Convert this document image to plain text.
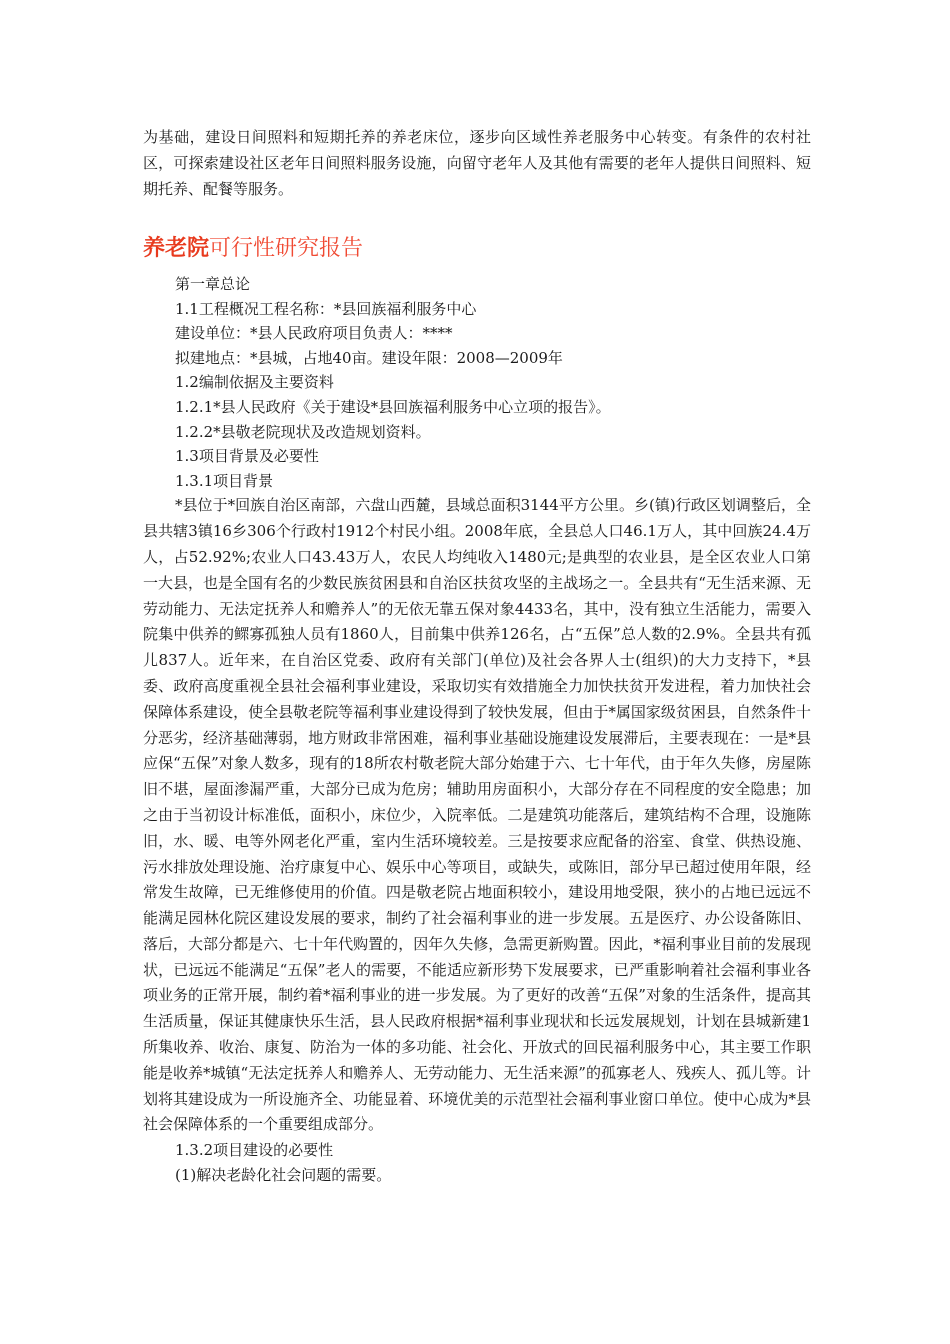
为基础，建设日间照料和短期托养的养老床位，逐步向区域性养老服务中心转变。有条件的农村社区，可探索建设社区老年日间照料服务设施，向留守老年人及其他有需要的老年人提供日间照料、短期托养、配餐等服务。
养老院可行性研究报告
第一章总论
1.1工程概况工程名称：*县回族福利服务中心
建设单位：*县人民政府项目负责人：****
拟建地点：*县城，占地40亩。建设年限：2008—2009年
1.2编制依据及主要资料
1.2.1*县人民政府《关于建设*县回族福利服务中心立项的报告》。
1.2.2*县敬老院现状及改造规划资料。
1.3项目背景及必要性
1.3.1项目背景

*县位于*回族自治区南部，六盘山西麓，县域总面积3144平方公里。乡(镇)行政区划调整后，全县共辖3镇16乡306个行政村1912个村民小组。2008年底，全县总人口46.1万人，其中回族24.4万人，占52.92%;农业人口43.43万人，农民人均纯收入1480元;是典型的农业县，是全区农业人口第一大县，也是全国有名的少数民族贫困县和自治区扶贫攻坚的主战场之一。全县共有“无生活来源、无劳动能力、无法定抚养人和赡养人”的无依无靠五保对象4433名，其中，没有独立生活能力，需要入院集中供养的鳏寡孤独人员有1860人，目前集中供养126名，占“五保”总人数的2.9%。全县共有孤儿837人。近年来，在自治区党委、政府有关部门(单位)及社会各界人士(组织)的大力支持下，*县委、政府高度重视全县社会福利事业建设，采取切实有效措施全力加快扶贫开发进程，着力加快社会保障体系建设，使全县敬老院等福利事业建设得到了较快发展，但由于*属国家级贫困县，自然条件十分恶劣，经济基础薄弱，地方财政非常困难，福利事业基础设施建设发展滞后，主要表现在：一是*县应保“五保”对象人数多，现有的18所农村敬老院大部分始建于六、七十年代，由于年久失修，房屋陈旧不堪，屋面渗漏严重，大部分已成为危房；辅助用房面积小，大部分存在不同程度的安全隐患；加之由于当初设计标准低，面积小，床位少，入院率低。二是建筑功能落后，建筑结构不合理，设施陈旧，水、暖、电等外网老化严重，室内生活环境较差。三是按要求应配备的浴室、食堂、供热设施、污水排放处理设施、治疗康复中心、娱乐中心等项目，或缺失，或陈旧，部分早已超过使用年限，经常发生故障，已无维修使用的价值。四是敬老院占地面积较小，建设用地受限，狭小的占地已远远不能满足园林化院区建设发展的要求，制约了社会福利事业的进一步发展。五是医疗、办公设备陈旧、落后，大部分都是六、七十年代购置的，因年久失修，急需更新购置。因此，*福利事业目前的发展现状，已远远不能满足“五保”老人的需要，不能适应新形势下发展要求，已严重影响着社会福利事业各项业务的正常开展，制约着*福利事业的进一步发展。为了更好的改善“五保”对象的生活条件，提高其生活质量，保证其健康快乐生活，县人民政府根据*福利事业现状和长远发展规划，计划在县城新建1所集收养、收治、康复、防治为一体的多功能、社会化、开放式的回民福利服务中心，其主要工作职能是收养*城镇“无法定抚养人和赡养人、无劳动能力、无生活来源”的孤寡老人、残疾人、孤儿等。计划将其建设成为一所设施齐全、功能显着、环境优美的示范型社会福利事业窗口单位。使中心成为*县社会保障体系的一个重要组成部分。

1.3.2项目建设的必要性
(1)解决老龄化社会问题的需要。
